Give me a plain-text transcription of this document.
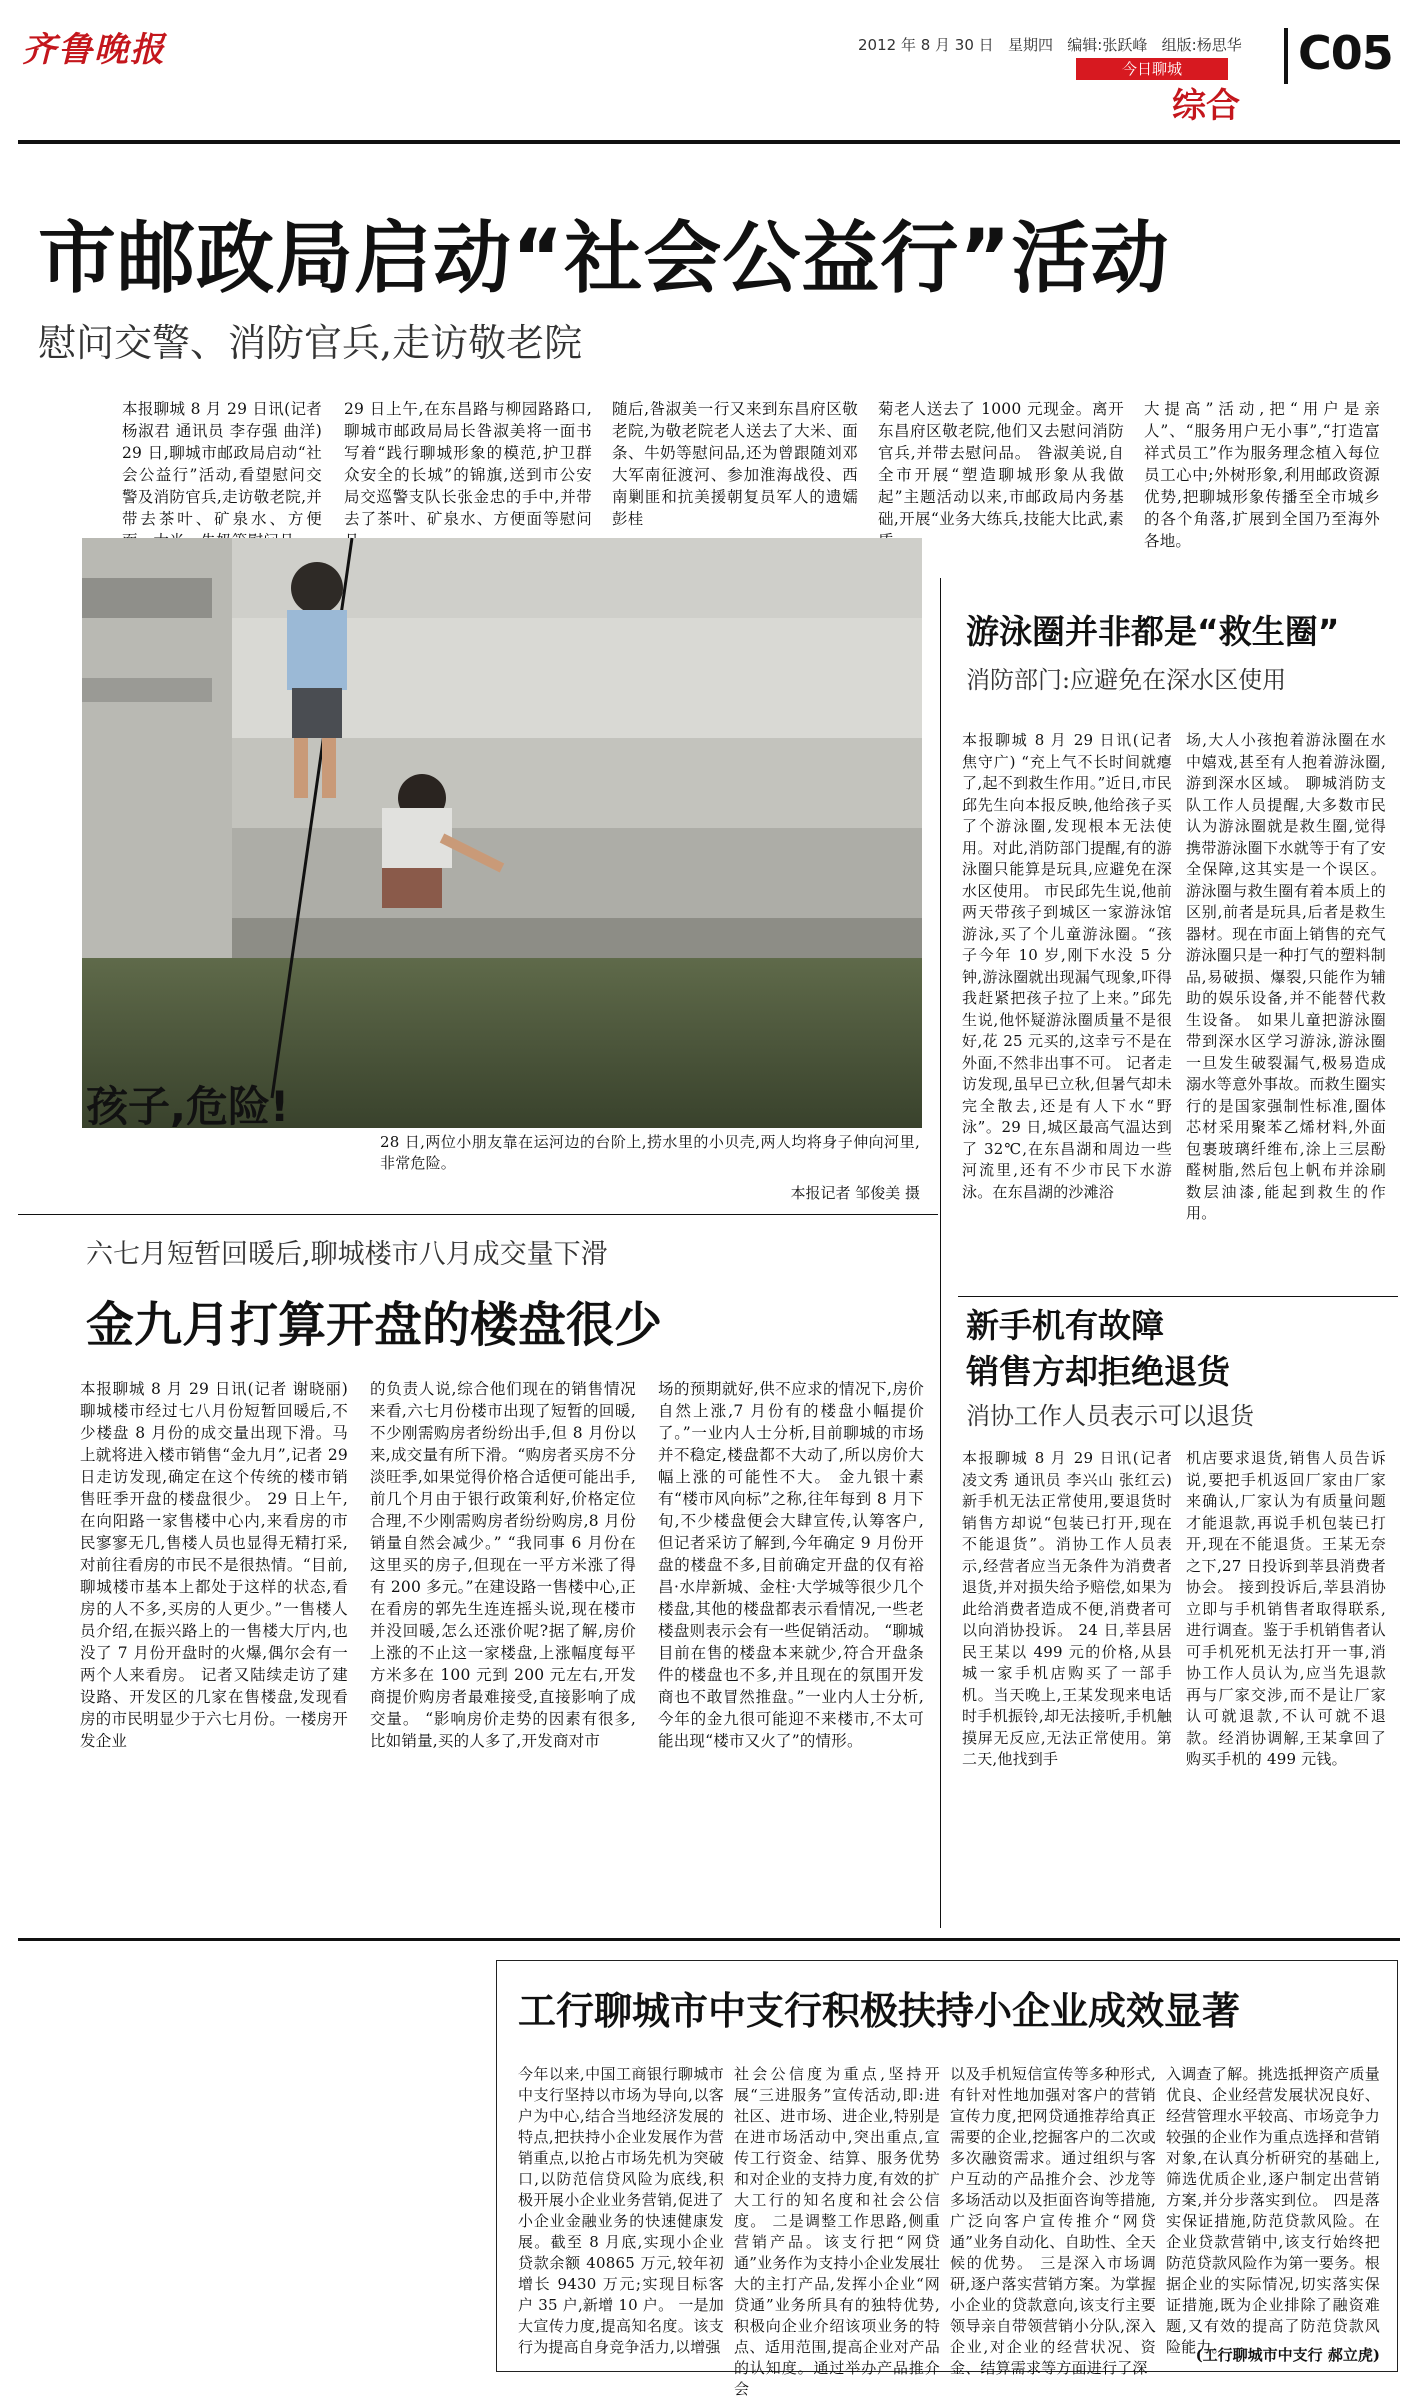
齐鲁晚报	2012 年 8 月 30 日 星期四 编辑:张跃峰 组版:杨思华
今日聊城
综合
C05
市邮政局启动“社会公益行”活动
慰问交警、消防官兵,走访敬老院
本报聊城 8 月 29 日讯(记者 杨淑君 通讯员 李存强 曲洋) 29 日,聊城市邮政局启动“社会公益行”活动,看望慰问交警及消防官兵,走访敬老院,并带去茶叶、矿泉水、方便
29 日上午,在东昌路与柳园路路口,聊城市邮政局局长昝淑美将一面书写着“践行聊城形象的模范,护卫群众安全的长城”的锦旗,送到市公安局交巡警支队长张金忠的手中,并带去了茶叶、矿泉水、方便面等慰问
随后,昝淑美一行又来到东昌府区敬老院,为敬老院老人送去了大米、面条、牛奶等慰问品,还为曾跟随刘邓大军南征渡河、参加淮海战役、西南剿匪和抗美援朝复员军人的遗嬬彭桂
菊老人送去了 1000 元现金。离开东昌府区敬老院,他们又去慰问消防官兵,并带去慰问品。 昝淑美说,自全市开展“塑造聊城形象从我做起”主题活动以来,市邮政局内务基础,开展“业务大练兵,技能大比武,素
大提高”活动,把“用户是亲人”、“服务用户无小事”,“打造富祥式员工”作为服务理念植入每位员工心中;外树形象,利用邮政资源优势,把聊城形象传播至全市城乡的各个角落,扩展到全国乃至海外各地。
孩子,危险!
28 日,两位小朋友靠在运河边的台阶上,捞水里的小贝壳,两人均将身子伸向河里,非常危险。
本报记者 邹俊美 摄
六七月短暂回暖后,聊城楼市八月成交量下滑
金九月打算开盘的楼盘很少
本报聊城 8 月 29 日讯(记者 谢晓丽) 聊城楼市经过七八月份短暂回暖后,不少楼盘 8 月份的成交量出现下滑。马上就将进入楼市销售“金九月”,记者 29 日走访发现,确定在这个传统的楼市销售旺季开盘的楼盘很少。 29 日上午,在向阳路一家售楼中心内,来看房的市民寥寥无几,售楼人员也显得无精打采,对前往看房的市民不是很热情。“目前,聊城楼市基本上都处于这样的状态,看房的人不多,买房的人更少。”一售楼人员介绍,在振兴路上的一售楼大厅内,也没了 7 月份开盘时的火爆,偶尔会有一两个人来看房。 记者又陆续走访了建设路、开发区的几家在售楼盘,发现看房的市民明显少于六七月份。一楼房开发企业
的负责人说,综合他们现在的销售情况来看,六七月份楼市出现了短暂的回暖,不少刚需购房者纷纷出手,但 8 月份以来,成交量有所下滑。“购房者买房不分淡旺季,如果觉得价格合适便可能出手,前几个月由于银行政策利好,价格定位合理,不少刚需购房者纷纷购房,8 月份销量自然会减少。” “我同事 6 月份在这里买的房子,但现在一平方米涨了得有 200 多元。”在建设路一售楼中心,正在看房的郭先生连连摇头说,现在楼市并没回暖,怎么还涨价呢?据了解,房价上涨的不止这一家楼盘,上涨幅度每平方米多在 100 元到 200 元左右,开发商提价购房者最难接受,直接影响了成交量。 “影响房价走势的因素有很多,比如销量,买的人多了,开发商对市
场的预期就好,供不应求的情况下,房价自然上涨,7 月份有的楼盘小幅提价了。”一业内人士分析,目前聊城的市场并不稳定,楼盘都不大动了,所以房价大幅上涨的可能性不大。 金九银十素有“楼市风向标”之称,往年每到 8 月下旬,不少楼盘便会大肆宣传,认筹客户,但记者采访了解到,今年确定 9 月份开盘的楼盘不多,目前确定开盘的仅有裕昌·水岸新城、金柱·大学城等很少几个楼盘,其他的楼盘都表示看情况,一些老楼盘则表示会有一些促销活动。 “聊城目前在售的楼盘本来就少,符合开盘条件的楼盘也不多,并且现在的氛围开发商也不敢冒然推盘。”一业内人士分析,今年的金九很可能迎不来楼市,不太可能出现“楼市又火了”的情形。
游泳圈并非都是“救生圈”
消防部门:应避免在深水区使用
本报聊城 8 月 29 日讯(记者 焦守广) “充上气不长时间就瘪了,起不到救生作用。”近日,市民邱先生向本报反映,他给孩子买了个游泳圈,发现根本无法使用。对此,消防部门提醒,有的游泳圈只能算是玩具,应避免在深水区使用。 市民邱先生说,他前两天带孩子到城区一家游泳馆游泳,买了个儿童游泳圈。“孩子今年 10 岁,刚下水没 5 分钟,游泳圈就出现漏气现象,吓得我赶紧把孩子拉了上来。”邱先生说,他怀疑游泳圈质量不是很好,花 25 元买的,这幸亏不是在外面,不然非出事不可。 记者走访发现,虽早已立秋,但暑气却未完全散去,还是有人下水“野泳”。29 日,城区最高气温达到了 32℃,在东昌湖和周边一些河流里,还有不少市民下水游泳。在东昌湖的沙滩浴
场,大人小孩抱着游泳圈在水中嬉戏,甚至有人抱着游泳圈,游到深水区域。 聊城消防支队工作人员提醒,大多数市民认为游泳圈就是救生圈,觉得携带游泳圈下水就等于有了安全保障,这其实是一个误区。游泳圈与救生圈有着本质上的区别,前者是玩具,后者是救生器材。现在市面上销售的充气游泳圈只是一种打气的塑料制品,易破损、爆裂,只能作为辅助的娱乐设备,并不能替代救生设备。 如果儿童把游泳圈带到深水区学习游泳,游泳圈一旦发生破裂漏气,极易造成溺水等意外事故。而救生圈实行的是国家强制性标准,圈体芯材采用聚苯乙烯材料,外面包裹玻璃纤维布,涂上三层酚醛树脂,然后包上帆布并涂刷数层油漆,能起到救生的作用。
新手机有故障
销售方却拒绝退货
消协工作人员表示可以退货
本报聊城 8 月 29 日讯(记者 凌文秀 通讯员 李兴山 张红云) 新手机无法正常使用,要退货时销售方却说“包装已打开,现在不能退货”。消协工作人员表示,经营者应当无条件为消费者退货,并对损失给予赔偿,如果为此给消费者造成不便,消费者可以向消协投诉。 24 日,莘县居民王某以 499 元的价格,从县城一家手机店购买了一部手机。当天晚上,王某发现来电话时手机振铃,却无法接听,手机触摸屏无反应,无法正常使用。第二天,他找到手
机店要求退货,销售人员告诉说,要把手机返回厂家由厂家来确认,厂家认为有质量问题才能退款,再说手机包装已打开,现在不能退货。王某无奈之下,27 日投诉到莘县消费者协会。 接到投诉后,莘县消协立即与手机销售者取得联系,进行调查。鉴于手机销售者认可手机死机无法打开一事,消协工作人员认为,应当先退款再与厂家交涉,而不是让厂家认可就退款,不认可就不退款。经消协调解,王某拿回了购买手机的 499 元钱。
工行聊城市中支行积极扶持小企业成效显著
今年以来,中国工商银行聊城市中支行坚持以市场为导向,以客户为中心,结合当地经济发展的特点,把扶持小企业发展作为营销重点,以抢占市场先机为突破口,以防范信贷风险为底线,积极开展小企业业务营销,促进了小企业金融业务的快速健康发展。截至 8 月底,实现小企业贷款余额 40865 万元,较年初增长 9430 万元;实现目标客户 35 户,新增 10 户。 一是加大宣传力度,提高知名度。该支行为提高自身竞争活力,以增强
社会公信度为重点,坚持开展“三进服务”宣传活动,即:进社区、进市场、进企业,特别是在进市场活动中,突出重点,宣传工行资金、结算、服务优势和对企业的支持力度,有效的扩大工行的知名度和社会公信度。 二是调整工作思路,侧重营销产品。该支行把“网贷通”业务作为支持小企业发展壮大的主打产品,发挥小企业“网贷通”业务所具有的独特优势,积极向企业介绍该项业务的特点、适用范围,提高企业对产品的认知度。通过举办产品推介会
以及手机短信宣传等多种形式,有针对性地加强对客户的营销宣传力度,把网贷通推荐给真正需要的企业,挖掘客户的二次或多次融资需求。通过组织与客户互动的产品推介会、沙龙等多场活动以及拒面咨询等措施,广泛向客户宣传推介“网贷通”业务自动化、自助性、全天候的优势。 三是深入市场调研,逐户落实营销方案。为掌握小企业的贷款意向,该支行主要领导亲自带领营销小分队,深入企业,对企业的经营状况、资金、结算需求等方面进行了深
入调查了解。挑选抵押资产质量优良、企业经营发展状况良好、经营管理水平较高、市场竞争力较强的企业作为重点选择和营销对象,在认真分析研究的基础上,筛选优质企业,逐户制定出营销方案,并分步落实到位。 四是落实保证措施,防范贷款风险。在企业贷款营销中,该支行始终把防范贷款风险作为第一要务。根据企业的实际情况,切实落实保证措施,既为企业排除了融资难题,又有效的提高了防范贷款风险能力。
(工行聊城市中支行 郝立虎)
